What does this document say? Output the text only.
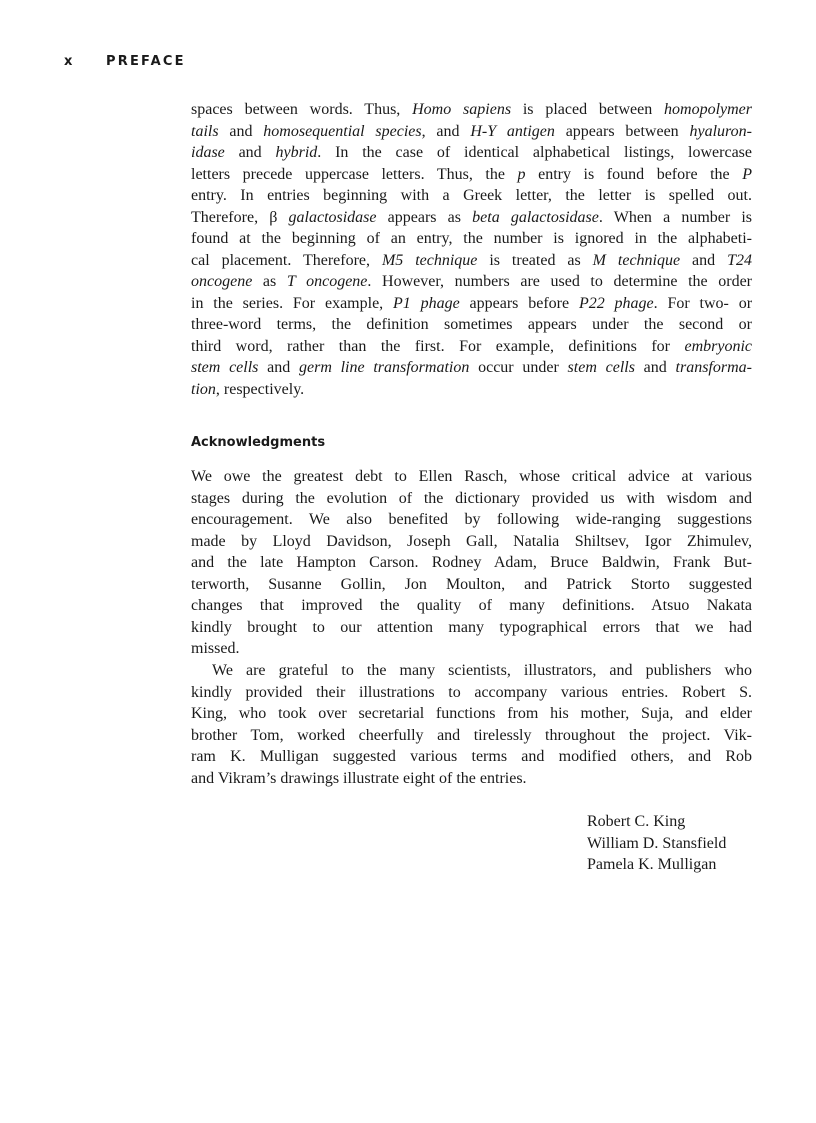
x PREFACE
spaces between words. Thus, Homo sapiens is placed between homopolymer
tails and homosequential species, and H-Y antigen appears between hyaluron-
idase and hybrid. In the case of identical alphabetical listings, lowercase
letters precede uppercase letters. Thus, the p entry is found before the P
entry. In entries beginning with a Greek letter, the letter is spelled out.
Therefore, β galactosidase appears as beta galactosidase. When a number is
found at the beginning of an entry, the number is ignored in the alphabeti-
cal placement. Therefore, M5 technique is treated as M technique and T24
oncogene as T oncogene. However, numbers are used to determine the order
in the series. For example, P1 phage appears before P22 phage. For two- or
three-word terms, the definition sometimes appears under the second or
third word, rather than the first. For example, definitions for embryonic
stem cells and germ line transformation occur under stem cells and transforma-
tion, respectively.
Acknowledgments
We owe the greatest debt to Ellen Rasch, whose critical advice at various
stages during the evolution of the dictionary provided us with wisdom and
encouragement. We also benefited by following wide-ranging suggestions
made by Lloyd Davidson, Joseph Gall, Natalia Shiltsev, Igor Zhimulev,
and the late Hampton Carson. Rodney Adam, Bruce Baldwin, Frank But-
terworth, Susanne Gollin, Jon Moulton, and Patrick Storto suggested
changes that improved the quality of many definitions. Atsuo Nakata
kindly brought to our attention many typographical errors that we had
missed.
We are grateful to the many scientists, illustrators, and publishers who
kindly provided their illustrations to accompany various entries. Robert S.
King, who took over secretarial functions from his mother, Suja, and elder
brother Tom, worked cheerfully and tirelessly throughout the project. Vik-
ram K. Mulligan suggested various terms and modified others, and Rob
and Vikram’s drawings illustrate eight of the entries.
Robert C. King
William D. Stansfield
Pamela K. Mulligan
